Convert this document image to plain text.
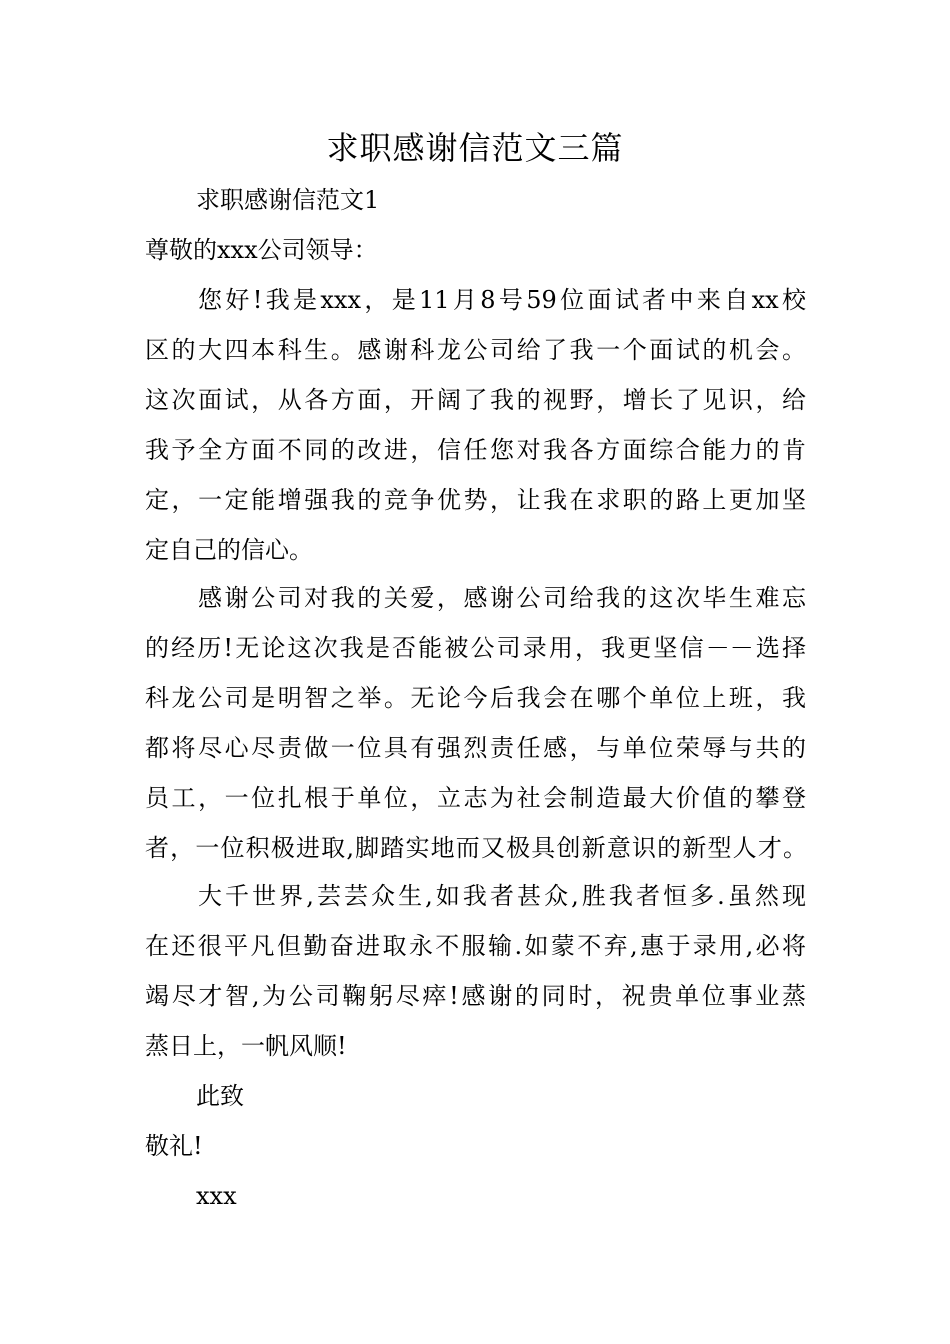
求职感谢信范文三篇
求职感谢信范文1
尊敬的xxx公司领导：
您好!我是xxx，是11月8号59位面试者中来自xx校
区的大四本科生。感谢科龙公司给了我一个面试的机会。
这次面试，从各方面，开阔了我的视野，增长了见识，给
我予全方面不同的改进，信任您对我各方面综合能力的肯
定，一定能增强我的竞争优势，让我在求职的路上更加坚
定自己的信心。
感谢公司对我的关爱，感谢公司给我的这次毕生难忘
的经历!无论这次我是否能被公司录用，我更坚信－－选择
科龙公司是明智之举。无论今后我会在哪个单位上班，我
都将尽心尽责做一位具有强烈责任感，与单位荣辱与共的
员工，一位扎根于单位，立志为社会制造最大价值的攀登
者，一位积极进取,脚踏实地而又极具创新意识的新型人才。
大千世界,芸芸众生,如我者甚众,胜我者恒多.虽然现
在还很平凡但勤奋进取永不服输.如蒙不弃,惠于录用,必将
竭尽才智,为公司鞠躬尽瘁!感谢的同时，祝贵单位事业蒸
蒸日上，一帆风顺!
此致
敬礼!
xxx
